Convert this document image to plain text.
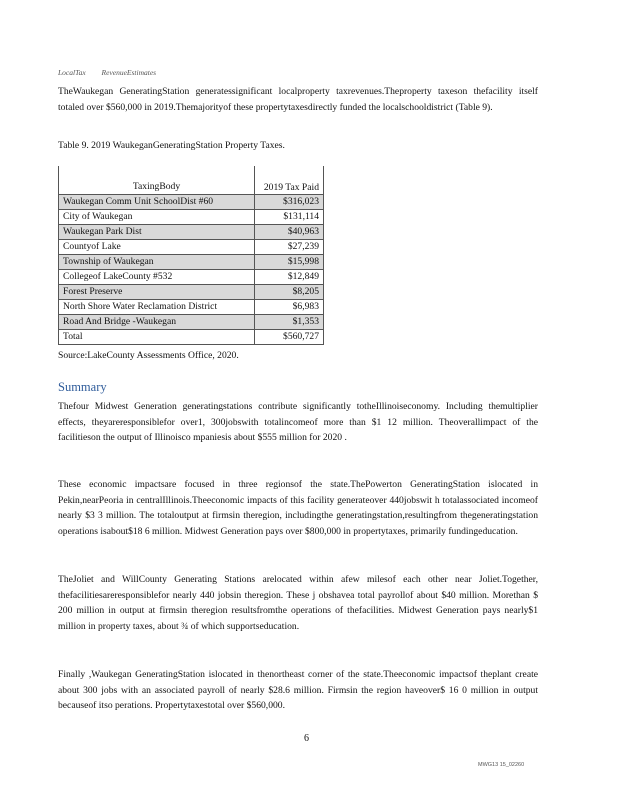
LocalTax RevenueEstimates

TheWaukegan GeneratingStation generatessignificant localproperty taxrevenues.Theproperty taxeson thefacility itself totaled over $560,000 in 2019.Themajorityof these propertytaxesdirectly funded the localschooldistrict (Table 9).

Table 9. 2019 WaukeganGeneratingStation Property Taxes.
TaxingBody	2019 Tax Paid
Waukegan Comm Unit SchoolDist #60	$316,023
City of Waukegan	$131,114
Waukegan Park Dist	$40,963
Countyof Lake	$27,239
Township of Waukegan	$15,998
Collegeof LakeCounty #532	$12,849
Forest Preserve	$8,205
North Shore Water Reclamation District	$6,983
Road And Bridge -Waukegan	$1,353
Total	$560,727
Source:LakeCounty Assessments Office, 2020.
Summary

Thefour Midwest Generation generatingstations contribute significantly totheIllinoiseconomy. Including themultiplier effects, theyareresponsiblefor over1, 300jobswith totalincomeof more than $1 12 million. Theoverallimpact of the facilitieson the output of Illinoisco mpaniesis about $555 million for 2020 .

These economic impactsare focused in three regionsof the state.ThePowerton GeneratingStation islocated in Pekin,nearPeoria in centralIllinois.Theeconomic impacts of this facility generateover 440jobswit h totalassociated incomeof nearly $3 3 million. The totaloutput at firmsin theregion, includingthe generatingstation,resultingfrom thegeneratingstation operations isabout$18 6 million. Midwest Generation pays over $800,000 in propertytaxes, primarily fundingeducation.

TheJoliet and WillCounty Generating Stations arelocated within afew milesof each other near Joliet.Together, thefacilitiesareresponsiblefor nearly 440 jobsin theregion. These j obshavea total payrollof about $40 million. Morethan $ 200 million in output at firmsin theregion resultsfromthe operations of thefacilities. Midwest Generation pays nearly$1 million in property taxes, about ¾ of which supportseducation.

Finally ,Waukegan GeneratingStation islocated in thenortheast corner of the state.Theeconomic impactsof theplant create about 300 jobs with an associated payroll of nearly $28.6 million. Firmsin the region haveover$ 16 0 million in output becauseof itso perations. Propertytaxestotal over $560,000.

6
MWG13 15_02260
